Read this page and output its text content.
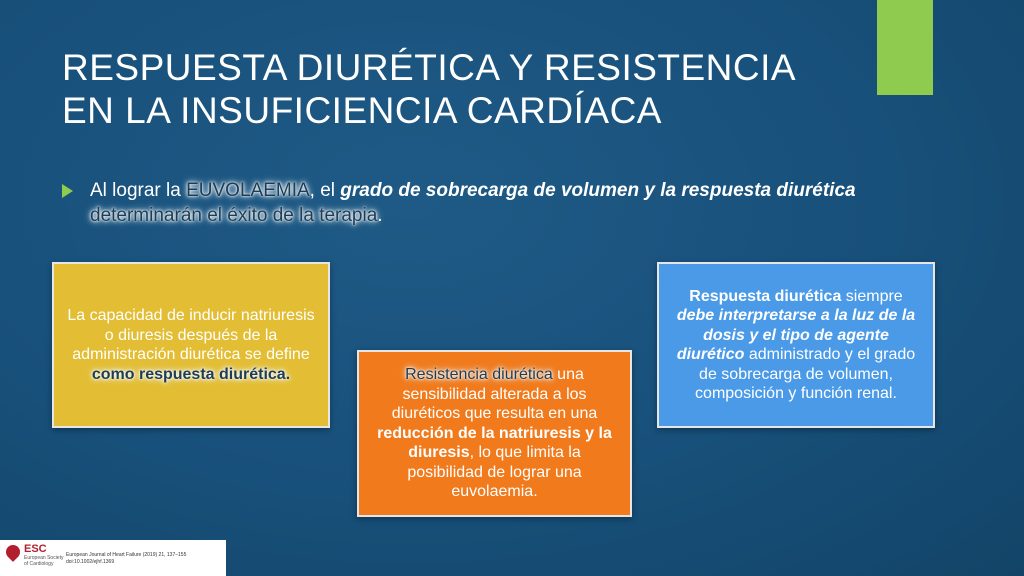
RESPUESTA DIURÉTICA Y RESISTENCIA
EN LA INSUFICIENCIA CARDÍACA
Al lograr la EUVOLAEMIA, el grado de sobrecarga de volumen y la respuesta diurética determinarán el éxito de la terapia.
La capacidad de inducir natriuresis o diuresis después de la administración diurética se define como respuesta diurética.	Resistencia diurética una sensibilidad alterada a los diuréticos que resulta en una reducción de la natriuresis y la diuresis, lo que limita la posibilidad de lograr una euvolaemia.
Respuesta diurética siempre debe interpretarse a la luz de la dosis y el tipo de agente diurético administrado y el grado de sobrecarga de volumen, composición y función renal.
ESC
European Society of Cardiology
European Journal of Heart Failure (2019) 21, 137–155
doi:10.1002/ejhf.1369
